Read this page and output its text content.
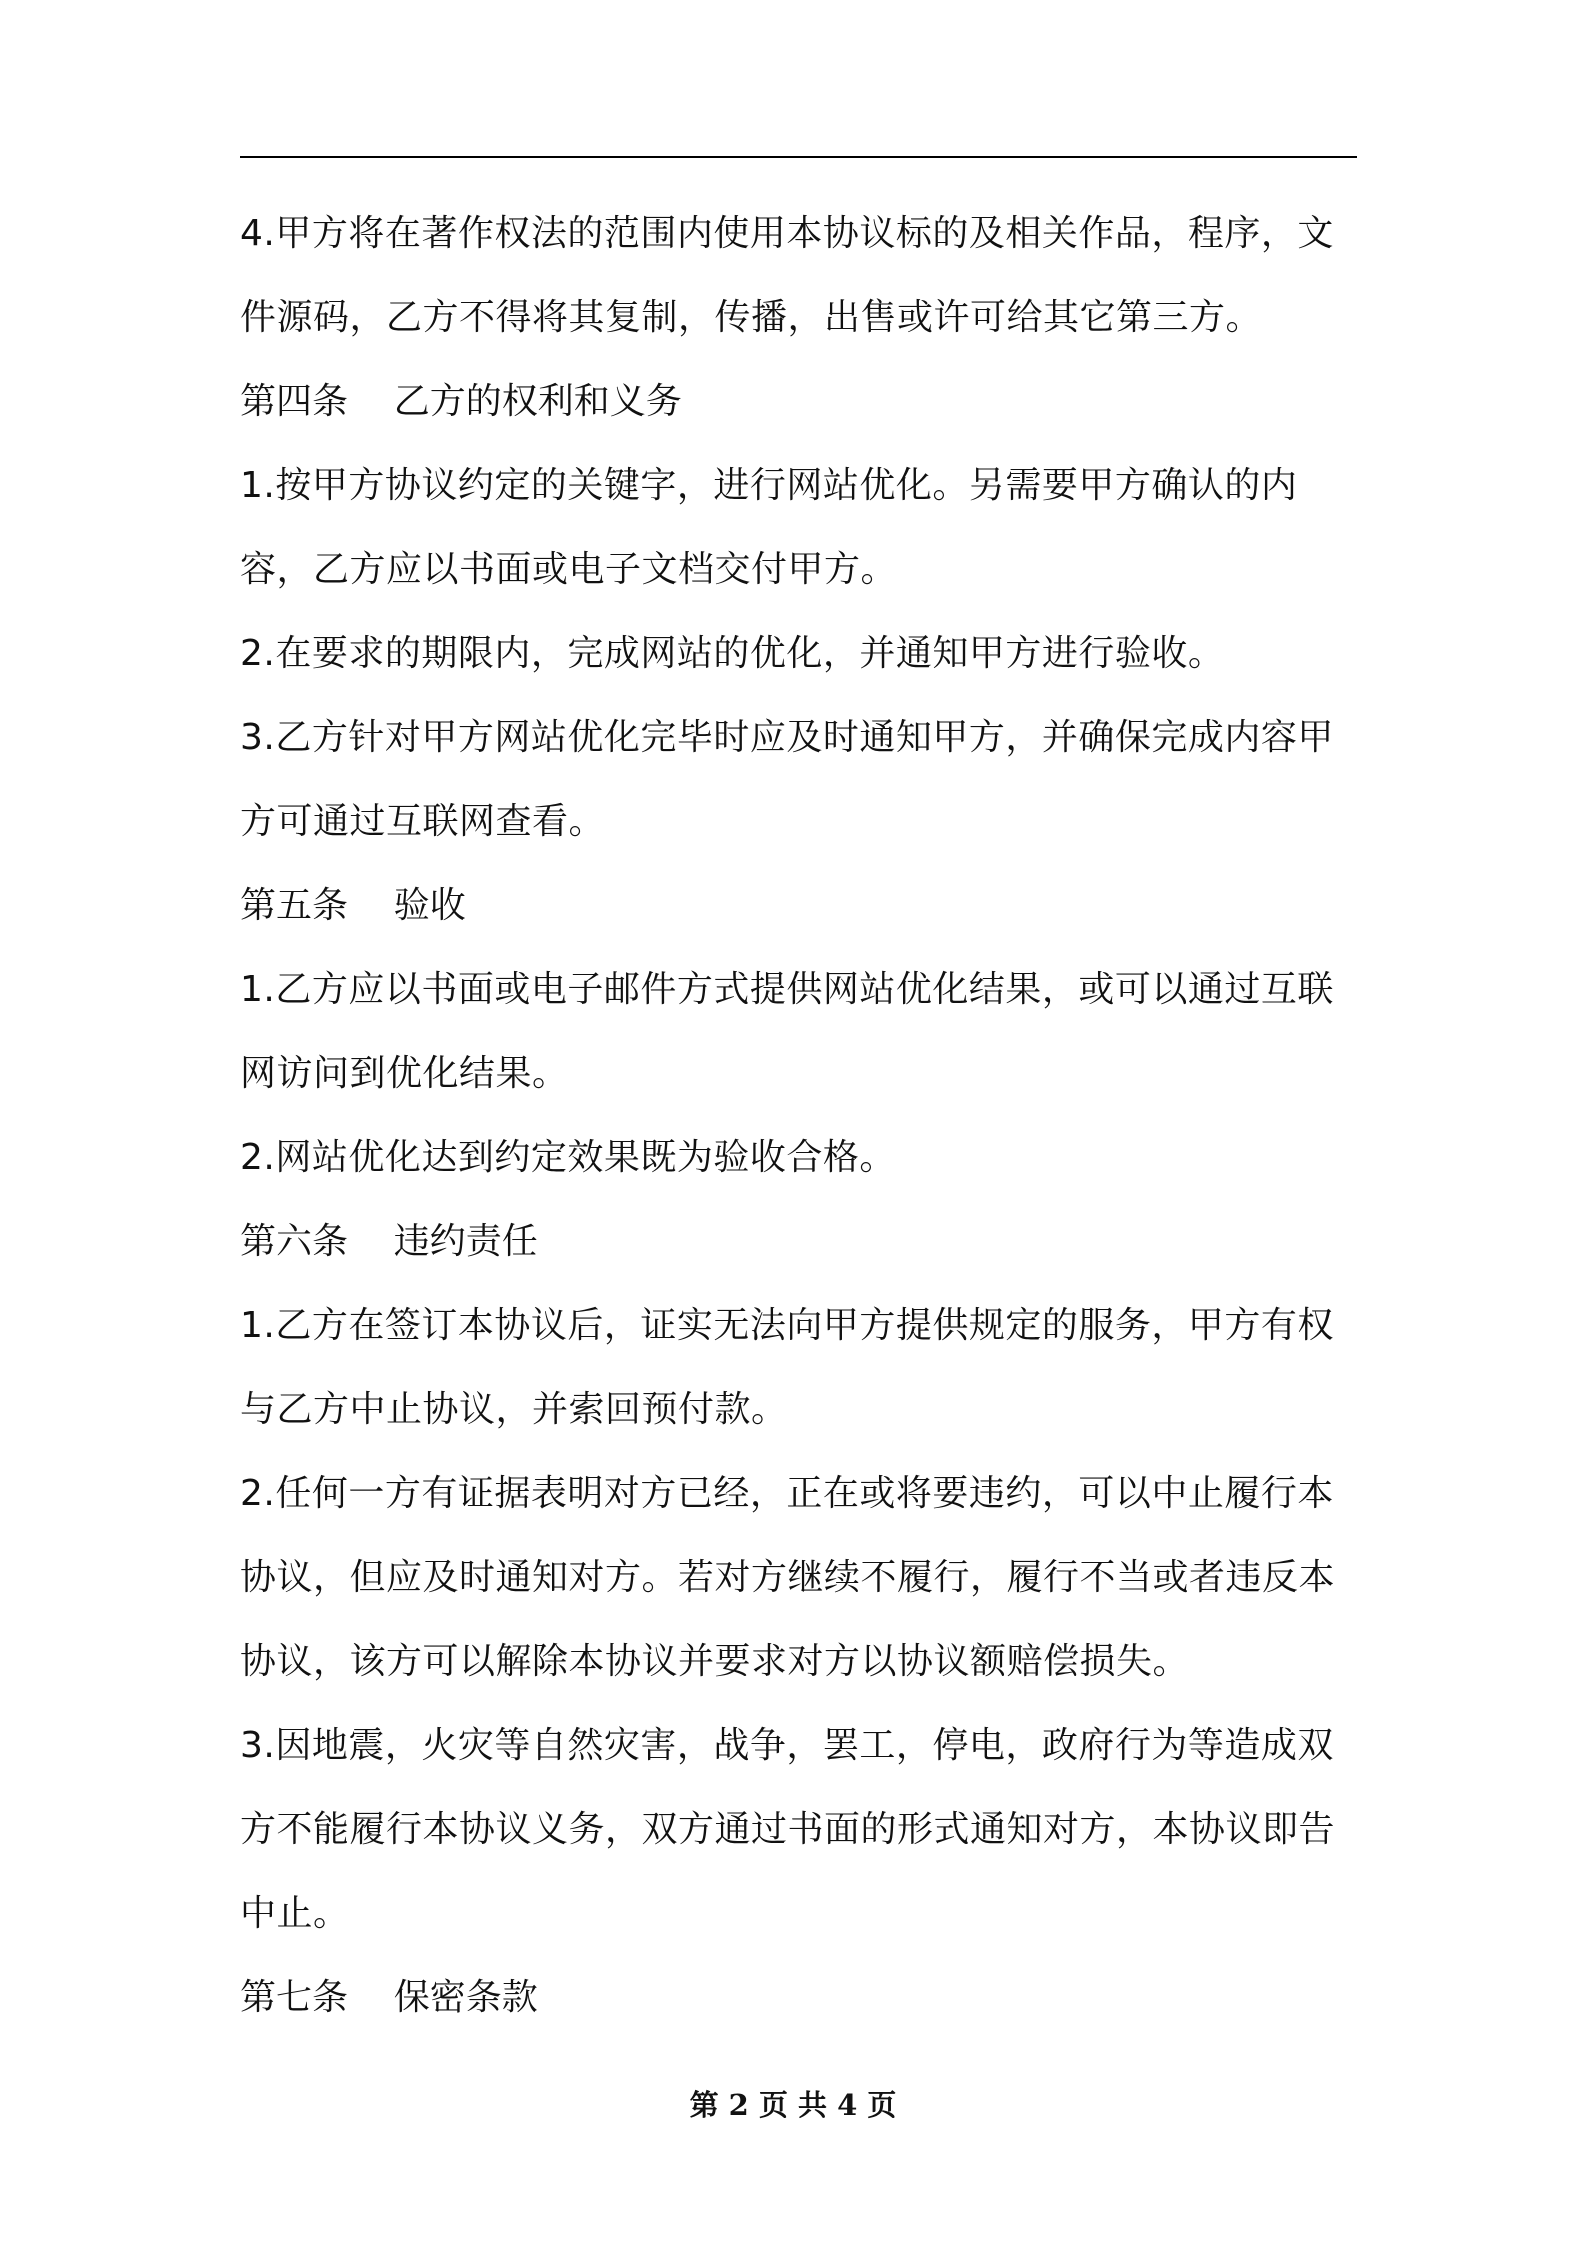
4.甲方将在著作权法的范围内使用本协议标的及相关作品，程序，文件源码，乙方不得将其复制，传播，出售或许可给其它第三方。

第四条    乙方的权利和义务

1.按甲方协议约定的关键字，进行网站优化。另需要甲方确认的内容，乙方应以书面或电子文档交付甲方。

2.在要求的期限内，完成网站的优化，并通知甲方进行验收。

3.乙方针对甲方网站优化完毕时应及时通知甲方，并确保完成内容甲方可通过互联网查看。

第五条    验收

1.乙方应以书面或电子邮件方式提供网站优化结果，或可以通过互联网访问到优化结果。

2.网站优化达到约定效果既为验收合格。

第六条    违约责任

1.乙方在签订本协议后，证实无法向甲方提供规定的服务，甲方有权与乙方中止协议，并索回预付款。

2.任何一方有证据表明对方已经，正在或将要违约，可以中止履行本协议，但应及时通知对方。若对方继续不履行，履行不当或者违反本协议，该方可以解除本协议并要求对方以协议额赔偿损失。

3.因地震，火灾等自然灾害，战争，罢工，停电，政府行为等造成双方不能履行本协议义务，双方通过书面的形式通知对方，本协议即告中止。

第七条    保密条款

第 2 页 共 4 页
